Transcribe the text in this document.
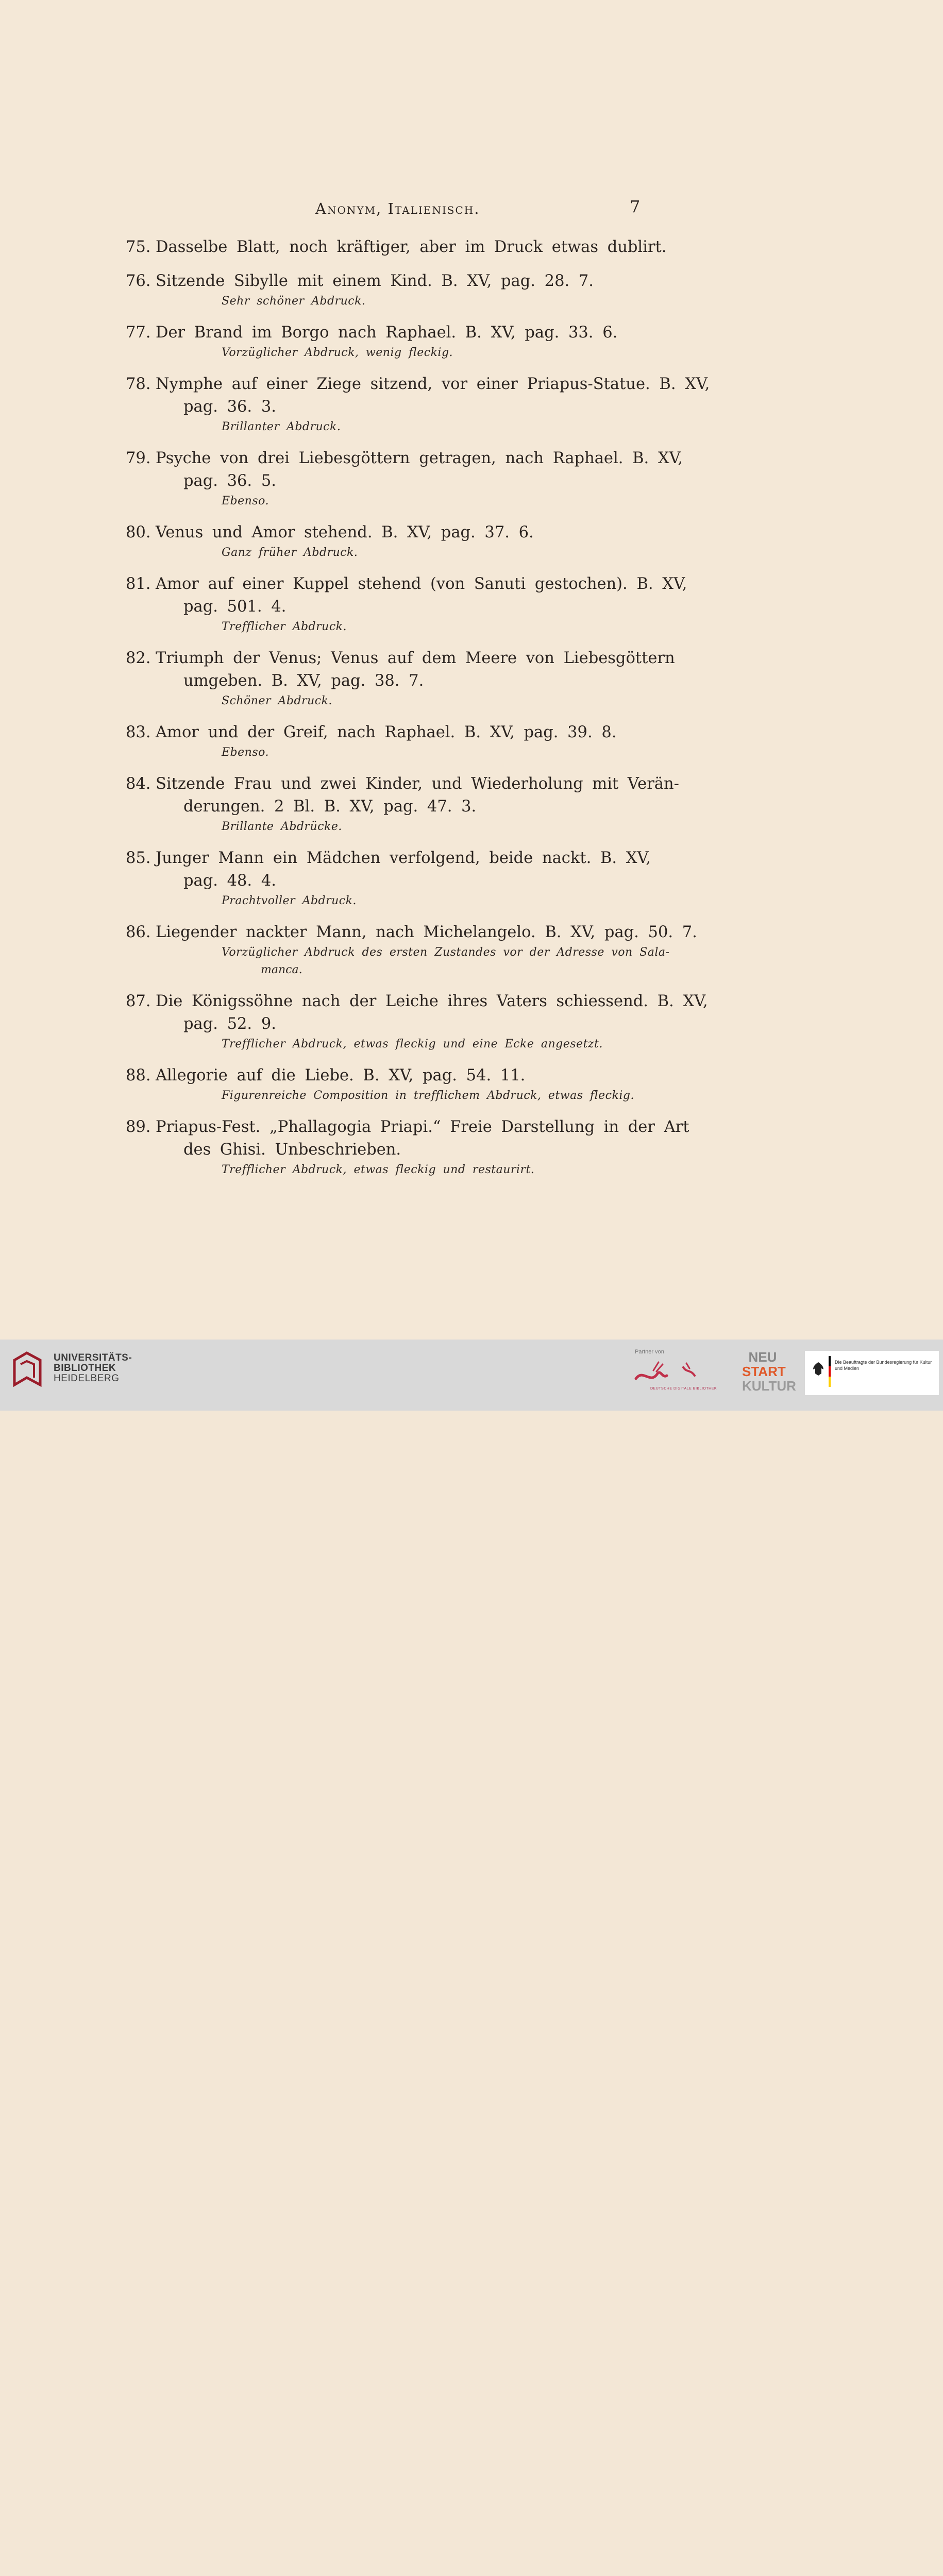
Anonym, Italienisch.	7
75. Dasselbe Blatt, noch kräftiger, aber im Druck etwas dublirt.
76. Sitzende Sibylle mit einem Kind. B. XV, pag. 28. 7.
Sehr schöner Abdruck.
77. Der Brand im Borgo nach Raphael. B. XV, pag. 33. 6.
Vorzüglicher Abdruck, wenig fleckig.
78. Nymphe auf einer Ziege sitzend, vor einer Priapus-Statue. B. XV,
pag. 36. 3.
Brillanter Abdruck.
79. Psyche von drei Liebesgöttern getragen, nach Raphael. B. XV,
pag. 36. 5.
Ebenso.
80. Venus und Amor stehend. B. XV, pag. 37. 6.
Ganz früher Abdruck.
81. Amor auf einer Kuppel stehend (von Sanuti gestochen). B. XV,
pag. 501. 4.
Trefflicher Abdruck.
82. Triumph der Venus; Venus auf dem Meere von Liebesgöttern
umgeben. B. XV, pag. 38. 7.
Schöner Abdruck.
83. Amor und der Greif, nach Raphael. B. XV, pag. 39. 8.
Ebenso.
84. Sitzende Frau und zwei Kinder, und Wiederholung mit Verän-
derungen. 2 Bl. B. XV, pag. 47. 3.
Brillante Abdrücke.
85. Junger Mann ein Mädchen verfolgend, beide nackt. B. XV,
pag. 48. 4.
Prachtvoller Abdruck.
86. Liegender nackter Mann, nach Michelangelo. B. XV, pag. 50. 7.
Vorzüglicher Abdruck des ersten Zustandes vor der Adresse von Sala-
manca.
87. Die Königssöhne nach der Leiche ihres Vaters schiessend. B. XV,
pag. 52. 9.
Trefflicher Abdruck, etwas fleckig und eine Ecke angesetzt.
88. Allegorie auf die Liebe. B. XV, pag. 54. 11.
Figurenreiche Composition in trefflichem Abdruck, etwas fleckig.
89. Priapus-Fest. „Phallagogia Priapi.“ Freie Darstellung in der Art
des Ghisi. Unbeschrieben.
Trefflicher Abdruck, etwas fleckig und restaurirt.
UNIVERSITÄTS-
BIBLIOTHEK
HEIDELBERG
Partner von
DEUTSCHE DIGITALE BIBLIOTHEK
NEU
START
KULTUR
Die Beauftragte der Bundesregierung für Kultur und Medien
